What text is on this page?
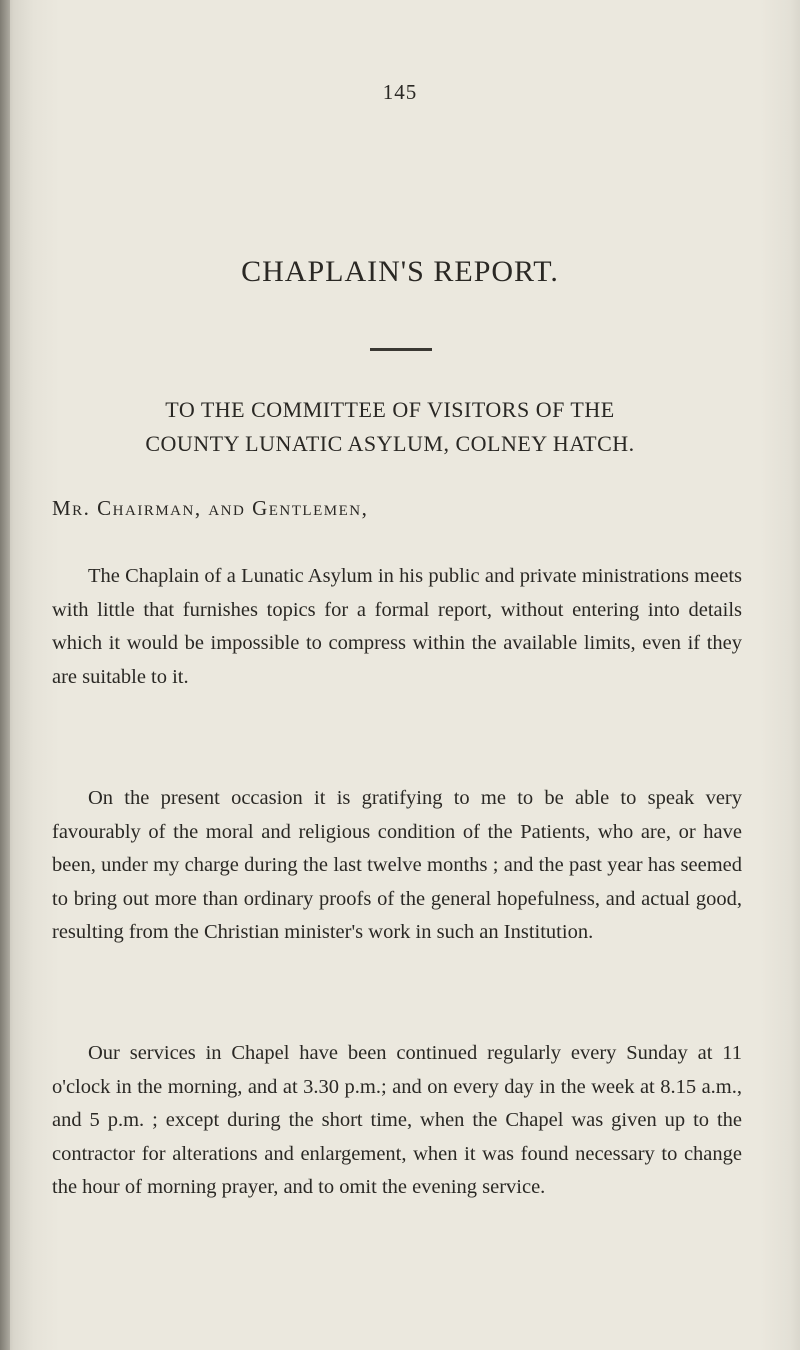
145
CHAPLAIN'S REPORT.
TO THE COMMITTEE OF VISITORS OF THE
COUNTY LUNATIC ASYLUM, COLNEY HATCH.
Mr. Chairman, and Gentlemen,

The Chaplain of a Lunatic Asylum in his public and private ministrations meets with little that furnishes topics for a formal report, without entering into details which it would be impossible to compress within the available limits, even if they are suitable to it.

On the present occasion it is gratifying to me to be able to speak very favourably of the moral and religious condition of the Patients, who are, or have been, under my charge during the last twelve months ; and the past year has seemed to bring out more than ordinary proofs of the general hopefulness, and actual good, resulting from the Christian minister's work in such an Institution.

Our services in Chapel have been continued regularly every Sunday at 11 o'clock in the morning, and at 3.30 p.m.; and on every day in the week at 8.15 a.m., and 5 p.m. ; except during the short time, when the Chapel was given up to the contractor for alterations and enlargement, when it was found necessary to change the hour of morning prayer, and to omit the evening service.
